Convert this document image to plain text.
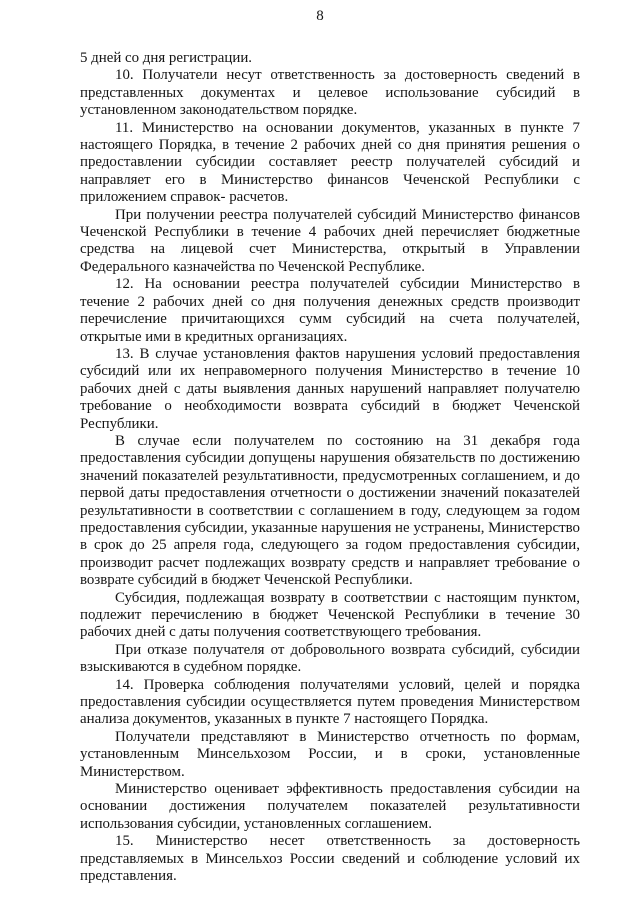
8

5 дней со дня регистрации.

10. Получатели несут ответственность за достоверность сведений в представленных документах и целевое использование субсидий в установленном законодательством порядке.

11. Министерство на основании документов, указанных в пункте 7 настоящего Порядка, в течение 2 рабочих дней со дня принятия решения о предоставлении субсидии составляет реестр получателей субсидий и направляет его в Министерство финансов Чеченской Республики с приложением справок- расчетов.

При получении реестра получателей субсидий Министерство финансов Чеченской Республики в течение 4 рабочих дней перечисляет бюджетные средства на лицевой счет Министерства, открытый в Управлении Федерального казначейства по Чеченской Республике.

12. На основании реестра получателей субсидии Министерство в течение 2 рабочих дней со дня получения денежных средств производит перечисление причитающихся сумм субсидий на счета получателей, открытые ими в кредитных организациях.

13. В случае установления фактов нарушения условий предоставления субсидий или их неправомерного получения Министерство в течение 10 рабочих дней с даты выявления данных нарушений направляет получателю требование о необходимости возврата субсидий в бюджет Чеченской Республики.

В случае если получателем по состоянию на 31 декабря года предоставления субсидии допущены нарушения обязательств по достижению значений показателей результативности, предусмотренных соглашением, и до первой даты предоставления отчетности о достижении значений показателей результативности в соответствии с соглашением в году, следующем за годом предоставления субсидии, указанные нарушения не устранены, Министерство в срок до 25 апреля года, следующего за годом предоставления субсидии, производит расчет подлежащих возврату средств и направляет требование о возврате субсидий в бюджет Чеченской Республики.

Субсидия, подлежащая возврату в соответствии с настоящим пунктом, подлежит перечислению в бюджет Чеченской Республики в течение 30 рабочих дней с даты получения соответствующего требования.

При отказе получателя от добровольного возврата субсидий, субсидии взыскиваются в судебном порядке.

14. Проверка соблюдения получателями условий, целей и порядка предоставления субсидии осуществляется путем проведения Министерством анализа документов, указанных в пункте 7 настоящего Порядка.

Получатели представляют в Министерство отчетность по формам, установленным Минсельхозом России, и в сроки, установленные Министерством.

Министерство оценивает эффективность предоставления субсидии на основании достижения получателем показателей результативности использования субсидии, установленных соглашением.

15. Министерство несет ответственность за достоверность представляемых в Минсельхоз России сведений и соблюдение условий их представления.
